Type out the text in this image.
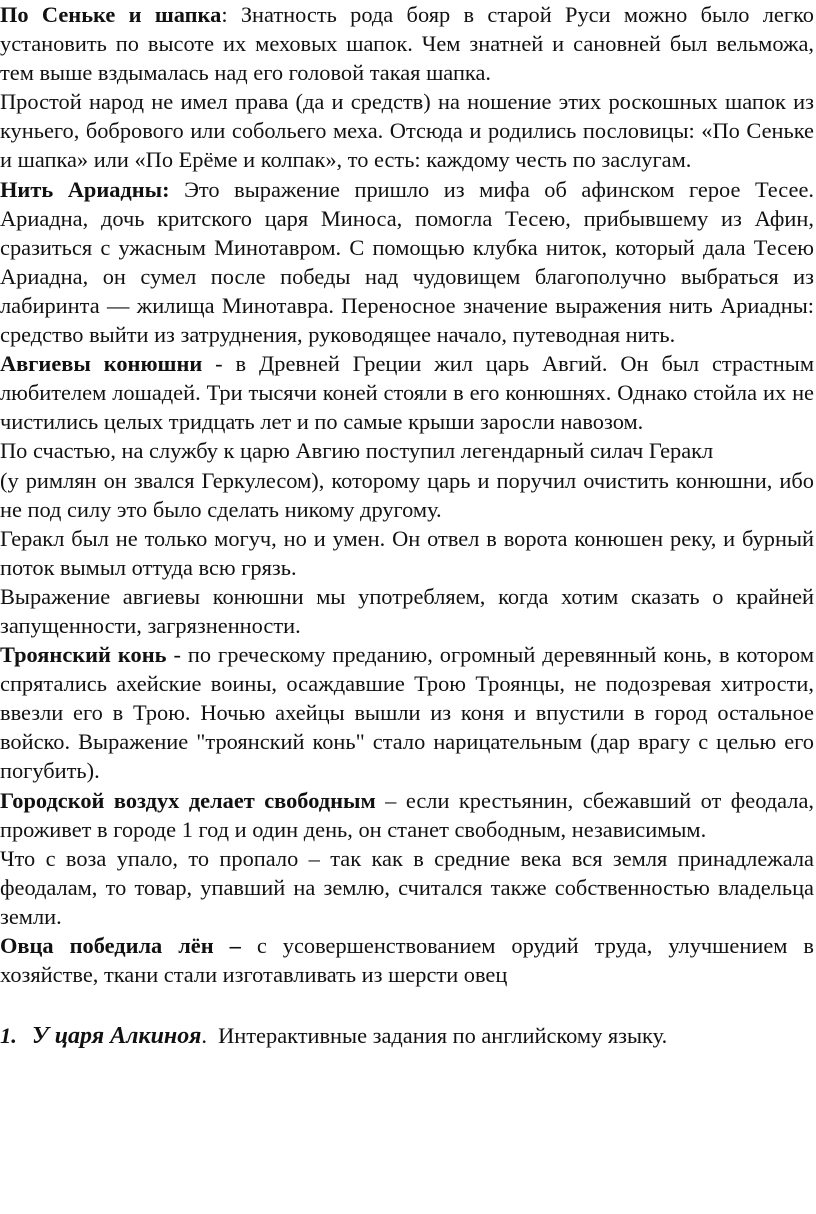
По Сеньке и шапка: Знатность рода бояр в старой Руси можно было легко установить по высоте их меховых шапок. Чем знатней и сановней был вельможа, тем выше вздымалась над его головой такая шапка.

Простой народ не имел права (да и средств) на ношение этих роскошных шапок из куньего, бобрового или собольего меха. Отсюда и родились пословицы: «По Сеньке и шапка» или «По Ерёме и колпак», то есть: каждому честь по заслугам.

Нить Ариадны: Это выражение пришло из мифа об афинском герое Тесее. Ариадна, дочь критского царя Миноса, помогла Тесею, прибывшему из Афин, сразиться с ужасным Минотавром. С помощью клубка ниток, который дала Тесею Ариадна, он сумел после победы над чудовищем благополучно выбраться из лабиринта — жилища Минотавра. Переносное значение выражения нить Ариадны: средство выйти из затруднения, руководящее начало, путеводная нить.

Авгиевы конюшни - в Древней Греции жил царь Авгий. Он был страстным любителем лошадей. Три тысячи коней стояли в его конюшнях. Однако стойла их не чистились целых тридцать лет и по самые крыши заросли навозом.

По счастью, на службу к царю Авгию поступил легендарный силач Геракл

(у римлян он звался Геркулесом), которому царь и поручил очистить конюшни, ибо не под силу это было сделать никому другому.

Геракл был не только могуч, но и умен. Он отвел в ворота конюшен реку, и бурный поток вымыл оттуда всю грязь.

Выражение авгиевы конюшни мы употребляем, когда хотим сказать о крайней запущенности, загрязненности.

Троянский конь - по греческому преданию, огромный деревянный конь, в котором спрятались ахейские воины, осаждавшие Трою Троянцы, не подозревая хитрости, ввезли его в Трою. Ночью ахейцы вышли из коня и впустили в город остальное войско. Выражение "троянский конь" стало нарицательным (дар врагу с целью его погубить).

Городской воздух делает свободным – если крестьянин, сбежавший от феодала, проживет в городе 1 год и один день, он станет свободным, независимым.

Что с воза упало, то пропало – так как в средние века вся земля принадлежала феодалам, то товар, упавший на землю, считался также собственностью владельца земли.

Овца победила лён – с усовершенствованием орудий труда, улучшением в хозяйстве, ткани стали изготавливать из шерсти овец

1. У царя Алкиноя.  Интерактивные задания по английскому языку.
